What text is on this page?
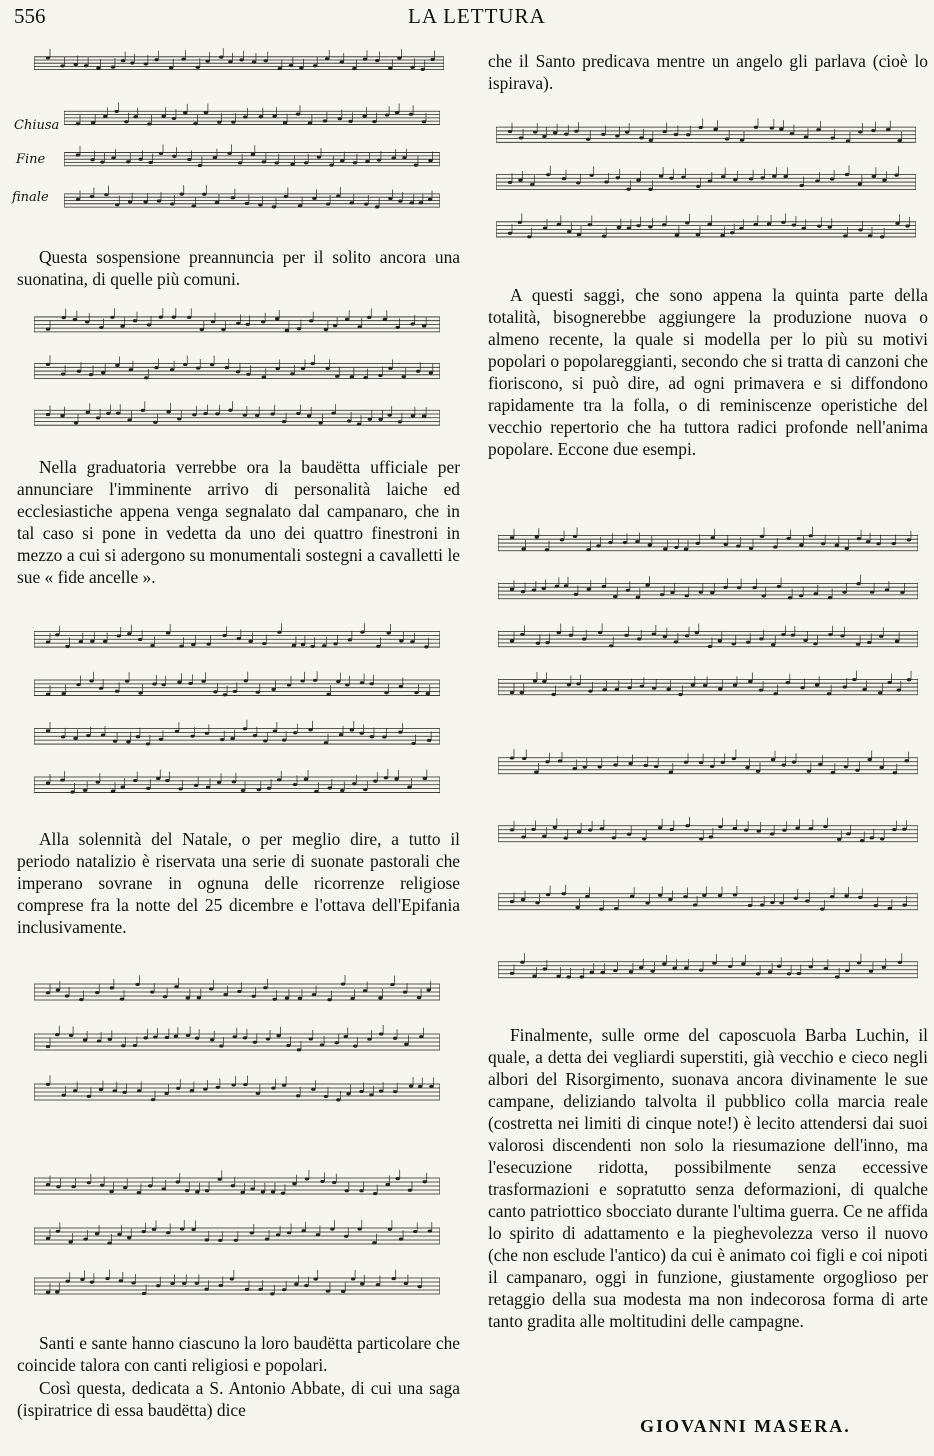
556	LA LETTURA
Chiusa
Fine
finale

Questa sospensione preannuncia per il solito ancora una suonatina, di quelle più comuni.

Nella graduatoria verrebbe ora la baudëtta ufficiale per annunciare l'imminente arrivo di personalità laiche ed ecclesiastiche appena venga segnalato dal campanaro, che in tal caso si pone in vedetta da uno dei quattro finestroni in mezzo a cui si adergono su monumentali sostegni a cavalletti le sue « fide ancelle ».

Alla solennità del Natale, o per meglio dire, a tutto il periodo natalizio è riservata una serie di suonate pastorali che imperano sovrane in ognuna delle ricorrenze religiose comprese fra la notte del 25 dicembre e l'ottava dell'Epifania inclusivamente.

Santi e sante hanno ciascuno la loro baudëtta particolare che coincide talora con canti religiosi e popolari.

Così questa, dedicata a S. Antonio Abbate, di cui una saga (ispiratrice di essa baudëtta) dice

che il Santo predicava mentre un angelo gli parlava (cioè lo ispirava).

A questi saggi, che sono appena la quinta parte della totalità, bisognerebbe aggiungere la produzione nuova o almeno recente, la quale si modella per lo più su motivi popolari o popolareggianti, secondo che si tratta di canzoni che fioriscono, si può dire, ad ogni primavera e si diffondono rapidamente tra la folla, o di reminiscenze operistiche del vecchio repertorio che ha tuttora radici profonde nell'anima popolare. Eccone due esempi.

Finalmente, sulle orme del caposcuola Barba Luchin, il quale, a detta dei vegliardi superstiti, già vecchio e cieco negli albori del Risorgimento, suonava ancora divinamente le sue campane, deliziando talvolta il pubblico colla marcia reale (costretta nei limiti di cinque note!) è lecito attendersi dai suoi valorosi discendenti non solo la riesumazione dell'inno, ma l'esecuzione ridotta, possibilmente senza eccessive trasformazioni e sopratutto senza deformazioni, di qualche canto patriottico sbocciato durante l'ultima guerra. Ce ne affida lo spirito di adattamento e la pieghevolezza verso il nuovo (che non esclude l'antico) da cui è animato coi figli e coi nipoti il campanaro, oggi in funzione, giustamente orgoglioso per retaggio della sua modesta ma non indecorosa forma di arte tanto gradita alle moltitudini delle campagne.

GIOVANNI MASERA.
